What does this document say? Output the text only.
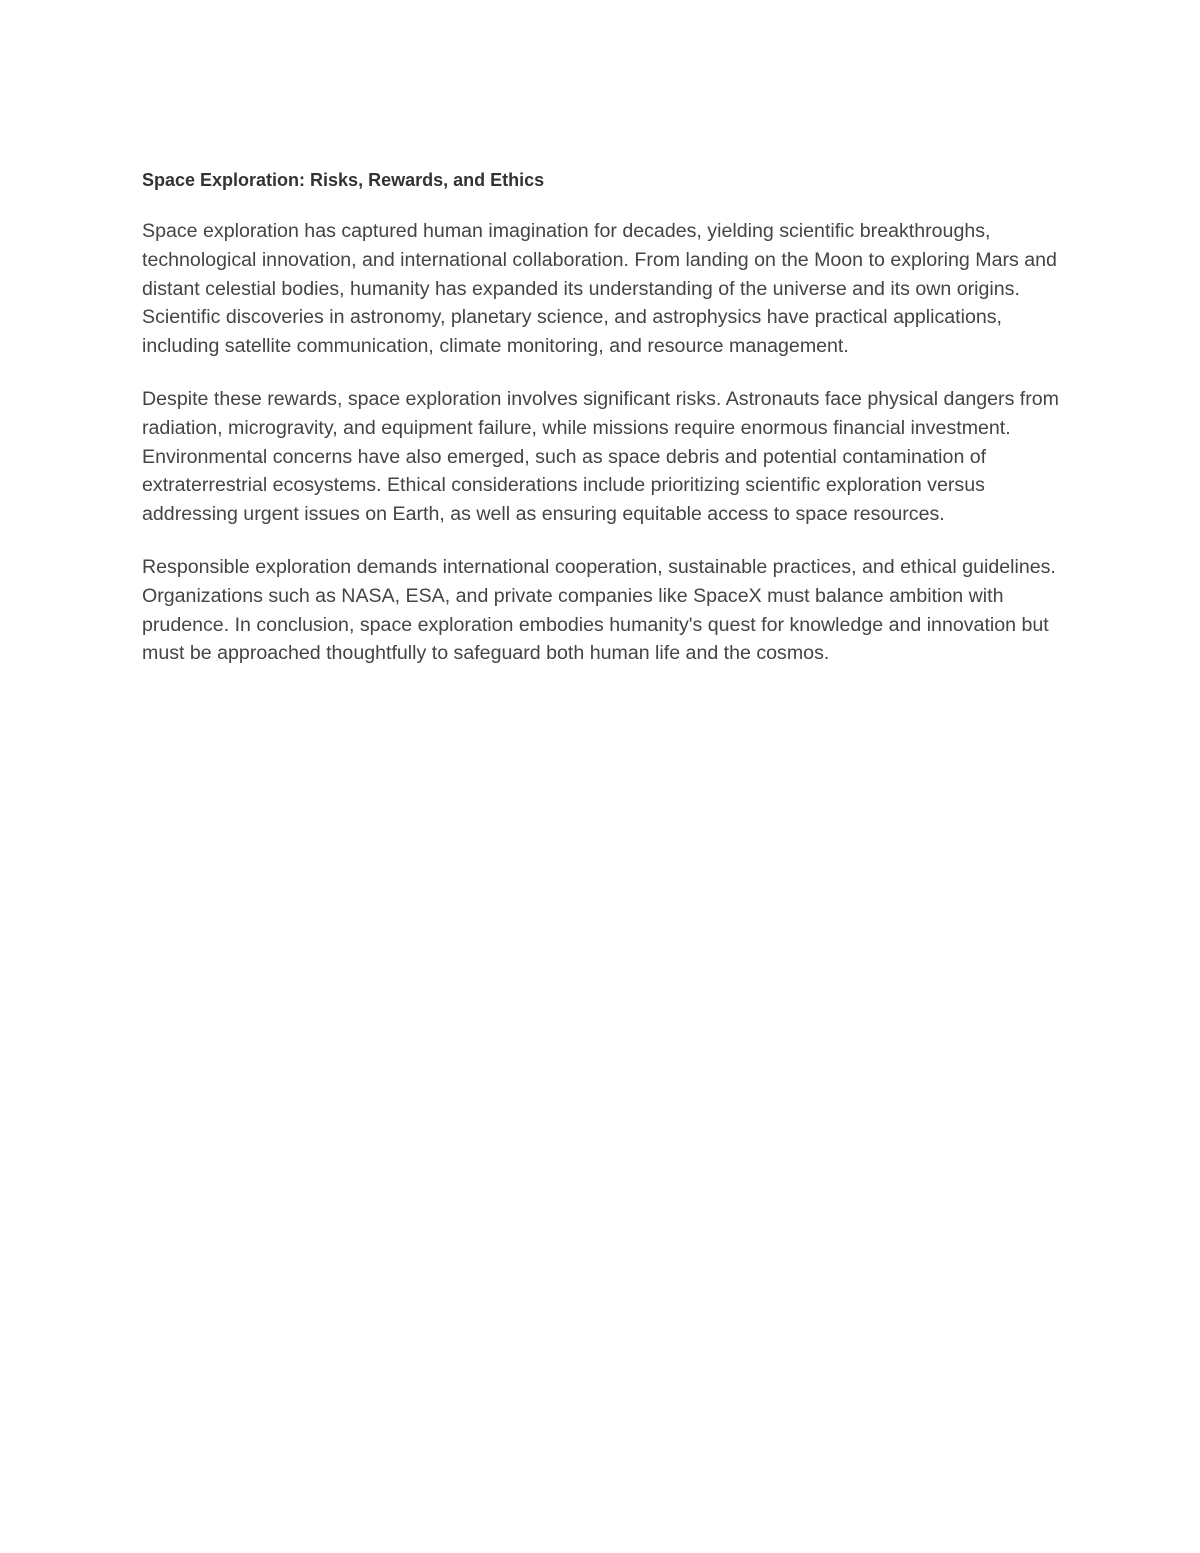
Space Exploration: Risks, Rewards, and Ethics

Space exploration has captured human imagination for decades, yielding scientific breakthroughs, technological innovation, and international collaboration. From landing on the Moon to exploring Mars and distant celestial bodies, humanity has expanded its understanding of the universe and its own origins. Scientific discoveries in astronomy, planetary science, and astrophysics have practical applications, including satellite communication, climate monitoring, and resource management.

Despite these rewards, space exploration involves significant risks. Astronauts face physical dangers from radiation, microgravity, and equipment failure, while missions require enormous financial investment. Environmental concerns have also emerged, such as space debris and potential contamination of extraterrestrial ecosystems. Ethical considerations include prioritizing scientific exploration versus addressing urgent issues on Earth, as well as ensuring equitable access to space resources.

Responsible exploration demands international cooperation, sustainable practices, and ethical guidelines. Organizations such as NASA, ESA, and private companies like SpaceX must balance ambition with prudence. In conclusion, space exploration embodies humanity's quest for knowledge and innovation but must be approached thoughtfully to safeguard both human life and the cosmos.
